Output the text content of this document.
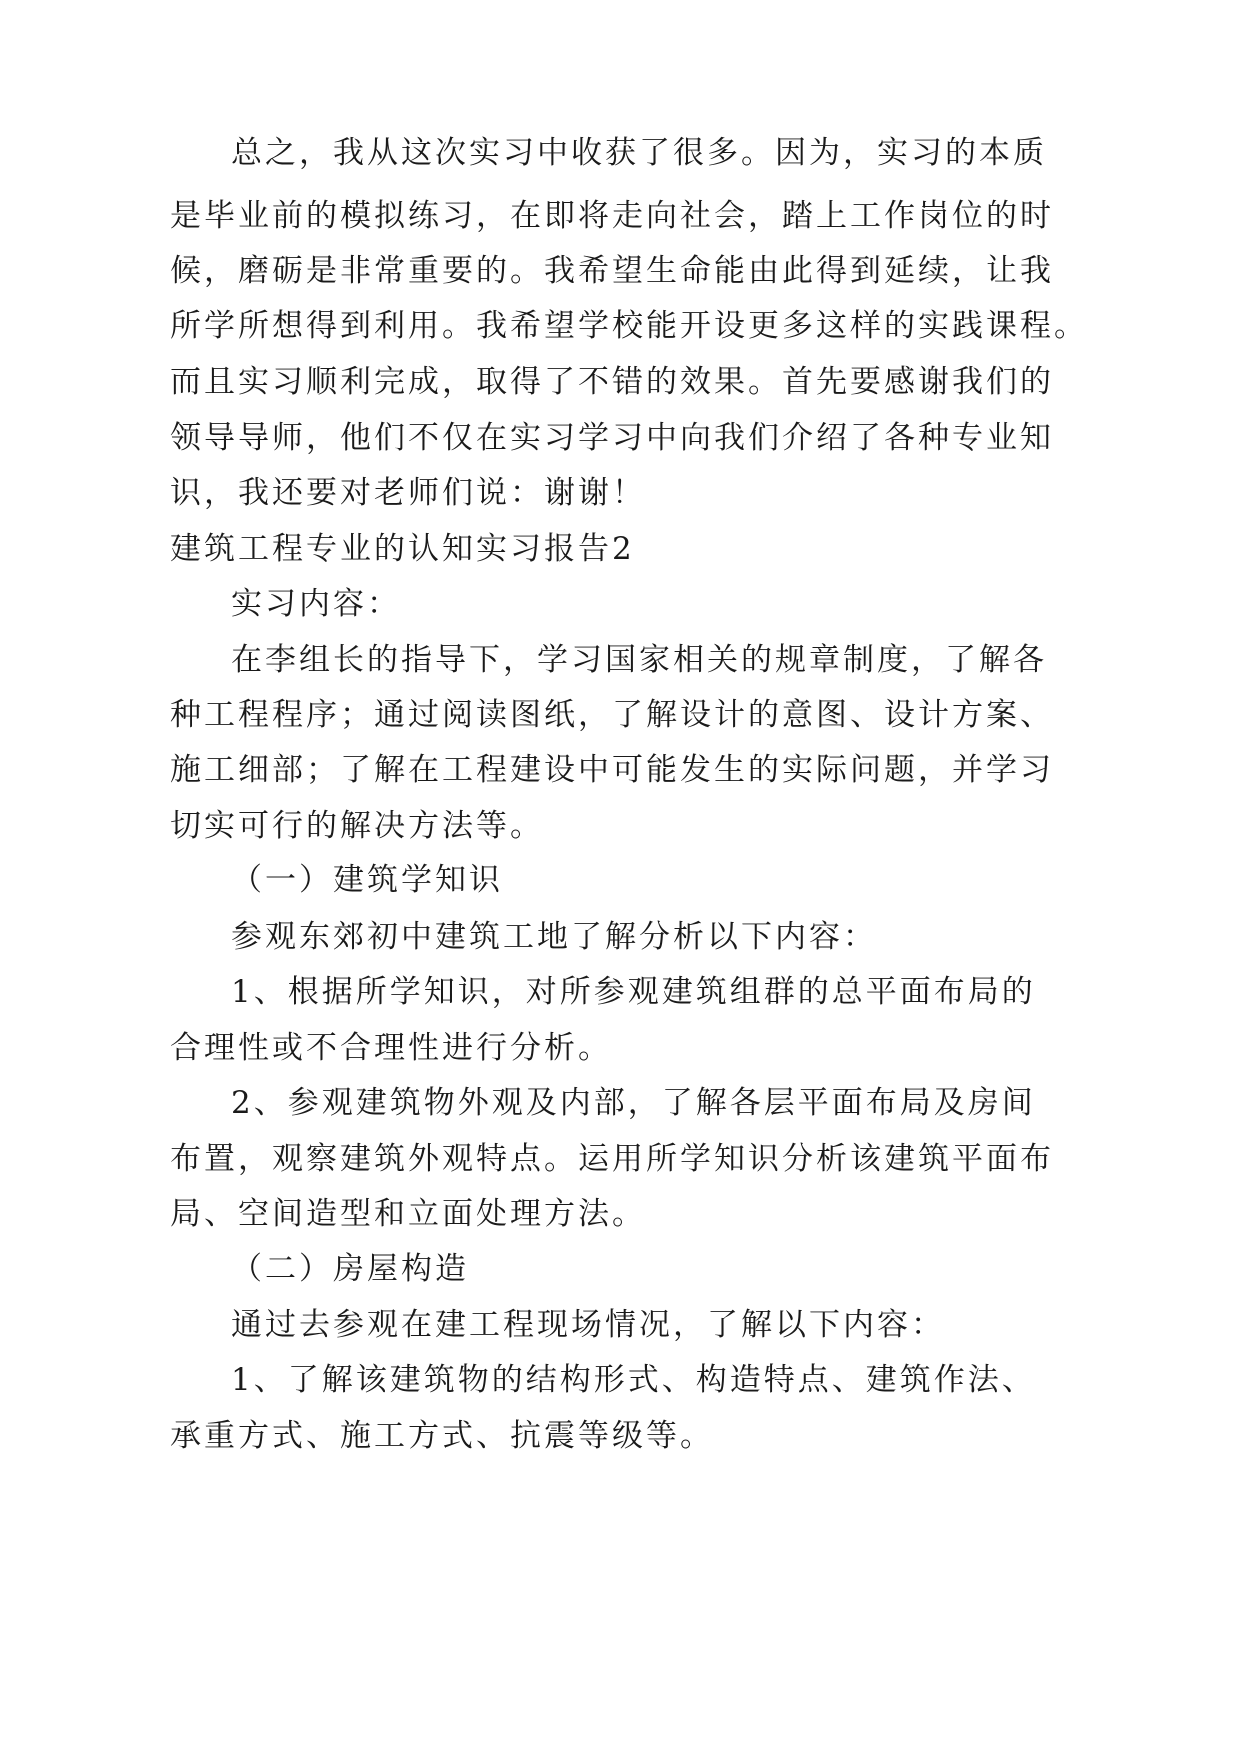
总之，我从这次实习中收获了很多。因为，实习的本质
是毕业前的模拟练习，在即将走向社会，踏上工作岗位的时
候，磨砺是非常重要的。我希望生命能由此得到延续，让我
所学所想得到利用。我希望学校能开设更多这样的实践课程。
而且实习顺利完成，取得了不错的效果。首先要感谢我们的
领导导师，他们不仅在实习学习中向我们介绍了各种专业知
识，我还要对老师们说：谢谢！
建筑工程专业的认知实习报告2
实习内容：
在李组长的指导下，学习国家相关的规章制度，了解各
种工程程序；通过阅读图纸，了解设计的意图、设计方案、
施工细部；了解在工程建设中可能发生的实际问题，并学习
切实可行的解决方法等。
（一）建筑学知识
参观东郊初中建筑工地了解分析以下内容：
1、根据所学知识，对所参观建筑组群的总平面布局的
合理性或不合理性进行分析。
2、参观建筑物外观及内部，了解各层平面布局及房间
布置，观察建筑外观特点。运用所学知识分析该建筑平面布
局、空间造型和立面处理方法。
（二）房屋构造
通过去参观在建工程现场情况，了解以下内容：
1、了解该建筑物的结构形式、构造特点、建筑作法、
承重方式、施工方式、抗震等级等。
